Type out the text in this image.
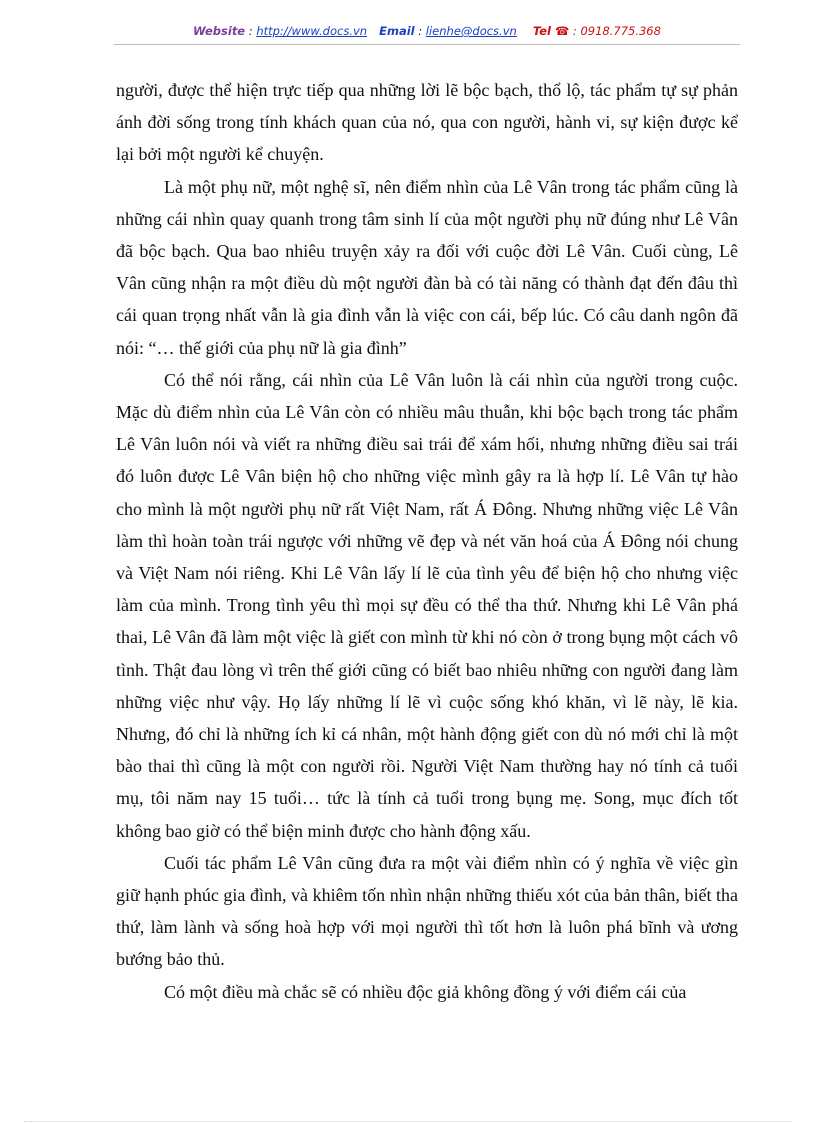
Website : http://www.docs.vn Email : lienhe@docs.vn Tel ☎ : 0918.775.368

người, được thể hiện trực tiếp qua những lời lẽ bộc bạch, thổ lộ, tác phẩm tự sự phản ánh đời sống trong tính khách quan của nó, qua con người, hành vi, sự kiện được kể lại bởi một người kể chuyện.

Là một phụ nữ, một nghệ sĩ, nên điểm nhìn của Lê Vân trong tác phẩm cũng là những cái nhìn quay quanh trong tâm sinh lí của một người phụ nữ đúng như Lê Vân đã bộc bạch. Qua bao nhiêu truyện xảy ra đối với cuộc đời Lê Vân. Cuối cùng, Lê Vân cũng nhận ra một điều dù một người đàn bà có tài năng có thành đạt đến đâu thì cái quan trọng nhất vẫn là gia đình vẫn là việc con cái, bếp lúc. Có câu danh ngôn đã nói: “… thế giới của phụ nữ là gia đình”

Có thể nói rằng, cái nhìn của Lê Vân luôn là cái nhìn của người trong cuộc. Mặc dù điểm nhìn của Lê Vân còn có nhiều mâu thuẫn, khi bộc bạch trong tác phẩm Lê Vân luôn nói và viết ra những điều sai trái để xám hối, nhưng những điều sai trái đó luôn được Lê Vân biện hộ cho những việc mình gây ra là hợp lí. Lê Vân tự hào cho mình là một người phụ nữ rất Việt Nam, rất Á Đông. Nhưng những việc Lê Vân làm thì hoàn toàn trái ngược với những vẽ đẹp và nét văn hoá của Á Đông nói chung và Việt Nam nói riêng. Khi Lê Vân lấy lí lẽ của tình yêu để biện hộ cho nhưng việc làm của mình. Trong tình yêu thì mọi sự đều có thể tha thứ. Nhưng khi Lê Vân phá thai, Lê Vân đã làm một việc là giết con mình từ khi nó còn ở trong bụng một cách vô tình. Thật đau lòng vì trên thế giới cũng có biết bao nhiêu những con người đang làm những việc như vậy. Họ lấy những lí lẽ vì cuộc sống khó khăn, vì lẽ này, lẽ kia. Nhưng, đó chỉ là những ích kỉ cá nhân, một hành động giết con dù nó mới chỉ là một bào thai thì cũng là một con người rồi. Người Việt Nam thường hay nó tính cả tuổi mụ, tôi năm nay 15 tuổi… tức là tính cả tuổi trong bụng mẹ. Song, mục đích tốt không bao giờ có thể biện minh được cho hành động xấu.

Cuối tác phẩm Lê Vân cũng đưa ra một vài điểm nhìn có ý nghĩa về việc gìn giữ hạnh phúc gia đình, và khiêm tốn nhìn nhận những thiếu xót của bản thân, biết tha thứ, làm lành và sống hoà hợp với mọi người thì tốt hơn là luôn phá bĩnh và ương bướng bảo thủ.

Có một điều mà chắc sẽ có nhiều độc giả không đồng ý với điểm cái của
